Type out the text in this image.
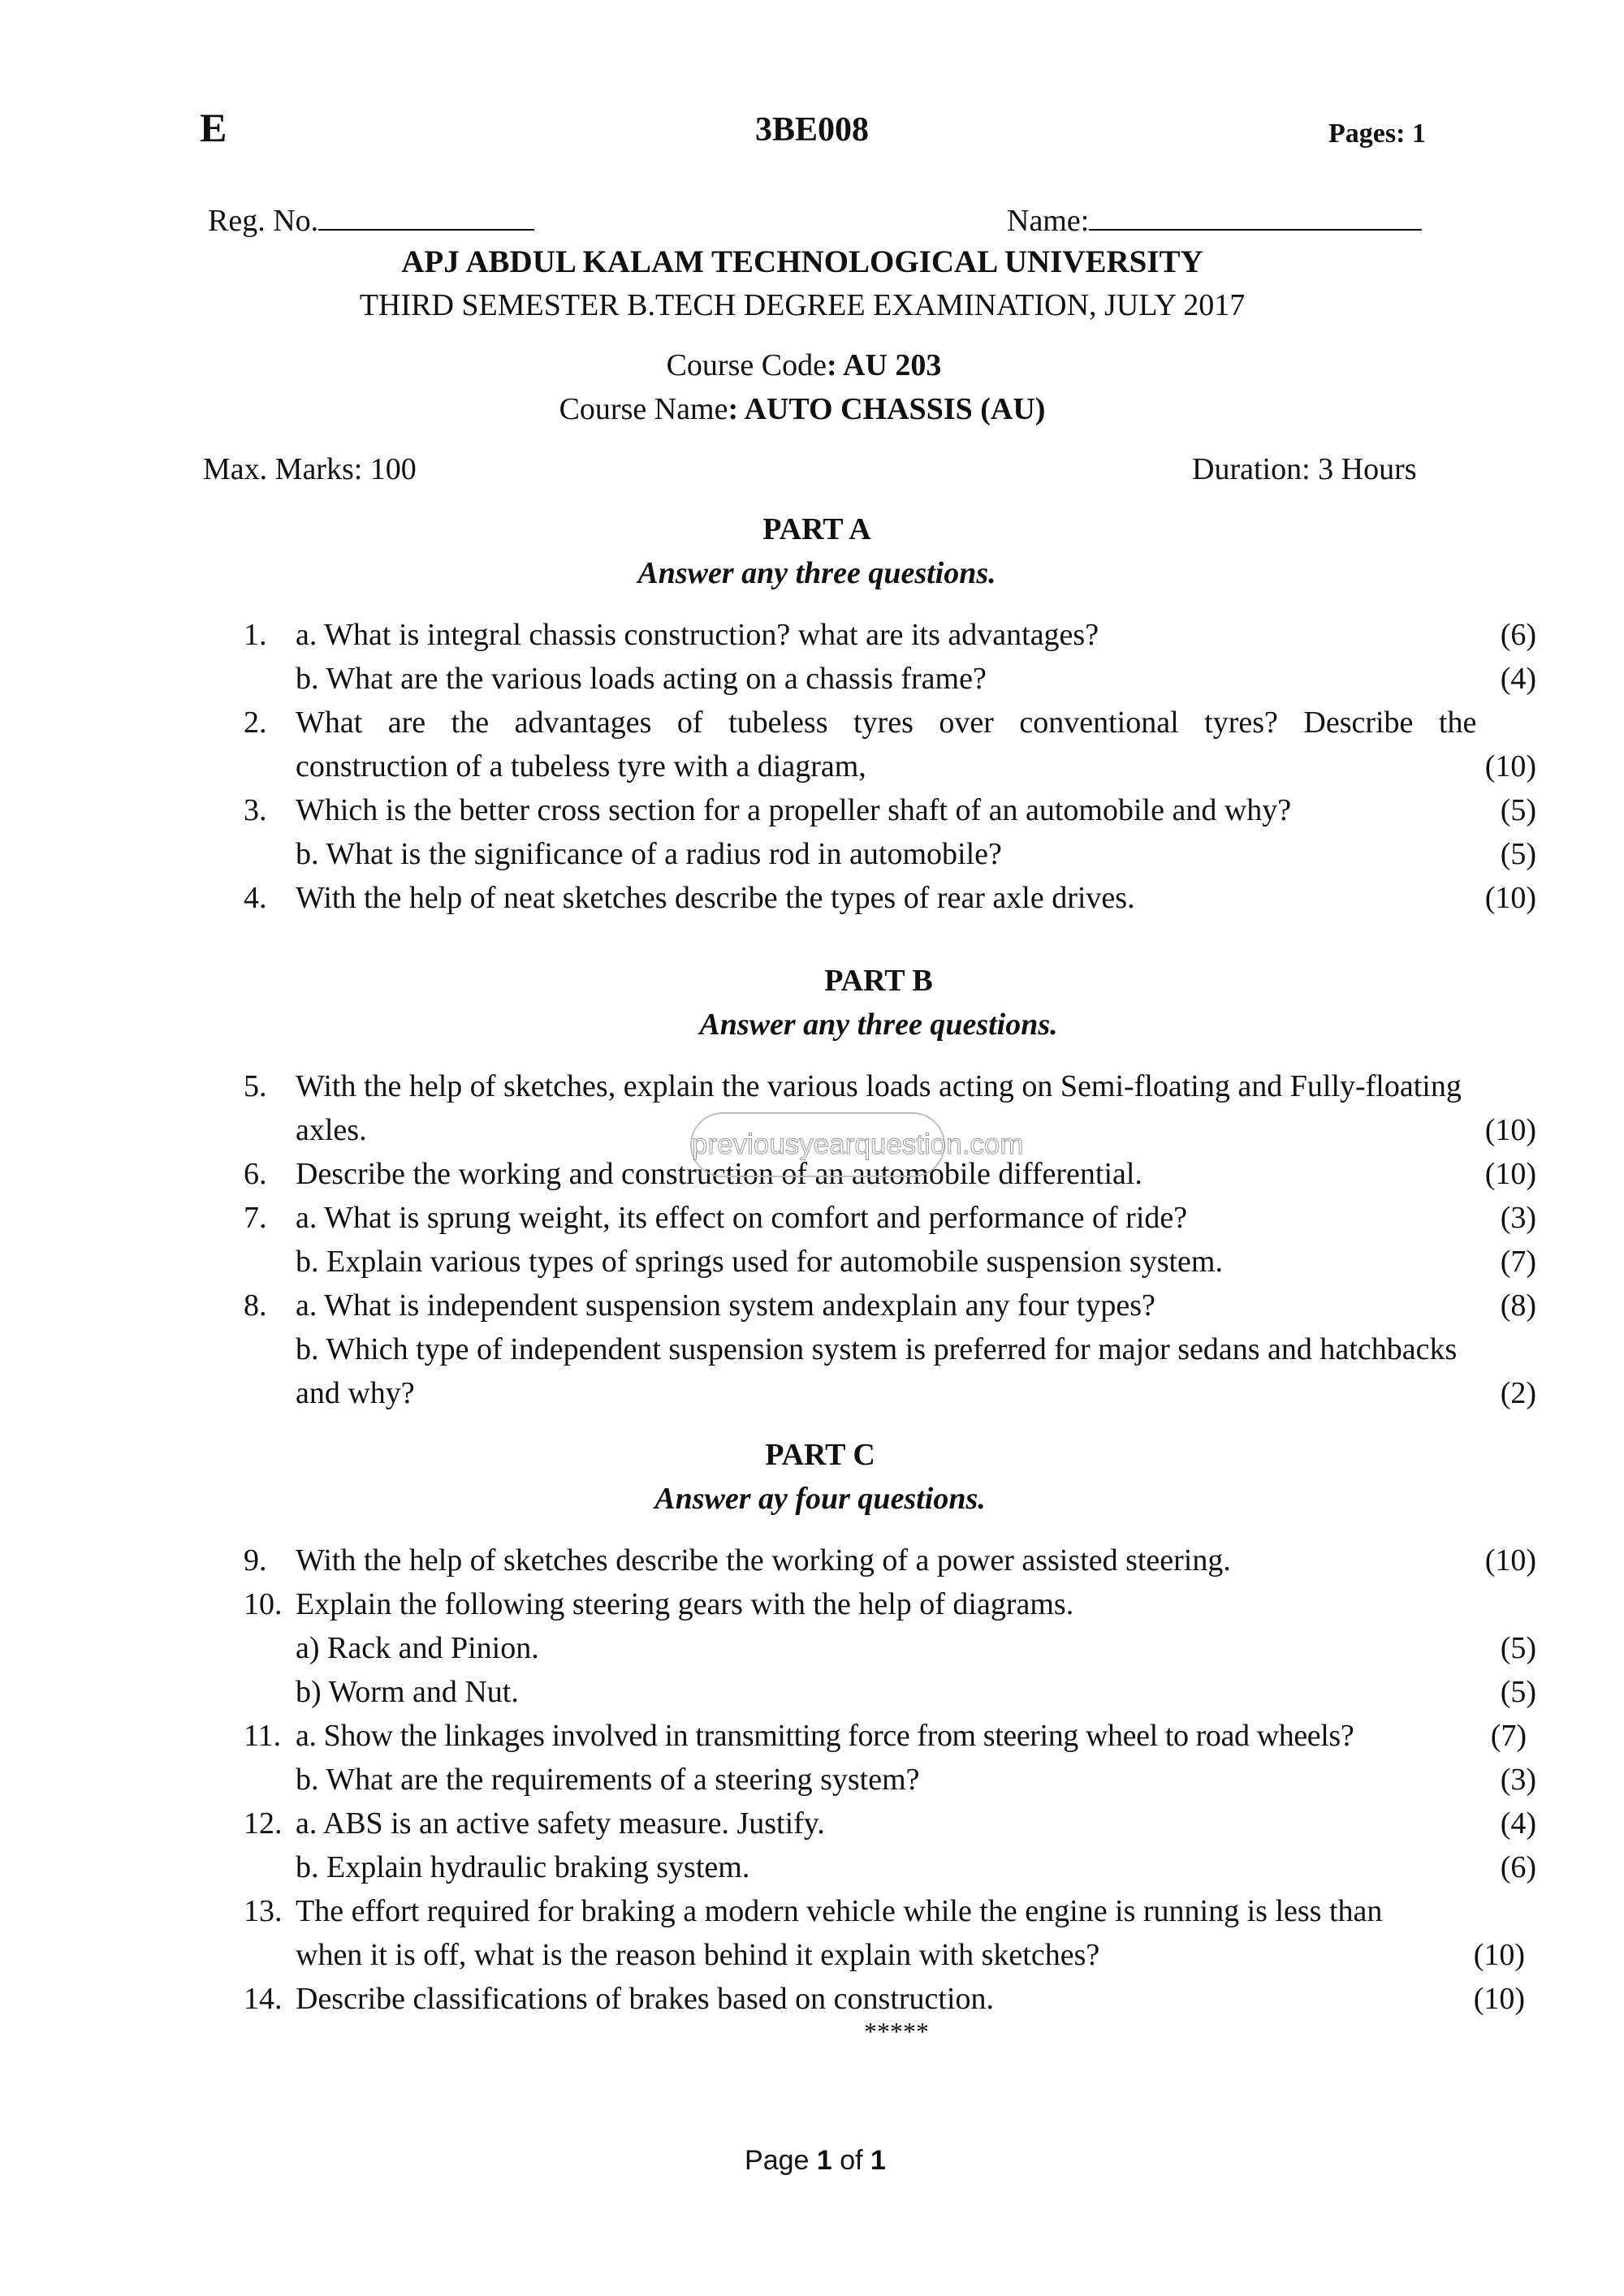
E	3BE008	Pages: 1
Reg. No.	Name:
APJ ABDUL KALAM TECHNOLOGICAL UNIVERSITY
THIRD SEMESTER B.TECH DEGREE EXAMINATION, JULY 2017
Course Code: AU 203
Course Name: AUTO CHASSIS (AU)
Max. Marks: 100	Duration: 3 Hours
PART A
Answer any three questions.
1. a. What is integral chassis construction? what are its advantages?	(6)
b. What are the various loads acting on a chassis frame?	(4)
2. What are the advantages of tubeless tyres over conventional tyres? Describe the
construction of a tubeless tyre with a diagram,	(10)
3. Which is the better cross section for a propeller shaft of an automobile and why?	(5)
b. What is the significance of a radius rod in automobile?	(5)
4. With the help of neat sketches describe the types of rear axle drives.	(10)
PART B
Answer any three questions.
5. With the help of sketches, explain the various loads acting on Semi-floating and Fully-floating
axles.	(10)
6. Describe the working and construction of an automobile differential.	(10)
7. a. What is sprung weight, its effect on comfort and performance of ride?	(3)
b. Explain various types of springs used for automobile suspension system.	(7)
8. a. What is independent suspension system andexplain any four types?	(8)
b. Which type of independent suspension system is preferred for major sedans and hatchbacks
and why?	(2)
PART C
Answer ay four questions.
9. With the help of sketches describe the working of a power assisted steering.	(10)
10. Explain the following steering gears with the help of diagrams.
a) Rack and Pinion.	(5)
b) Worm and Nut.	(5)
11. a. Show the linkages involved in transmitting force from steering wheel to road wheels?	(7)
b. What are the requirements of a steering system?	(3)
12. a. ABS is an active safety measure. Justify.	(4)
b. Explain hydraulic braking system.	(6)
13. The effort required for braking a modern vehicle while the engine is running is less than
when it is off, what is the reason behind it explain with sketches?	(10)
14. Describe classifications of brakes based on construction.	(10)
*****
previousyearquestion.com
Page 1 of 1
